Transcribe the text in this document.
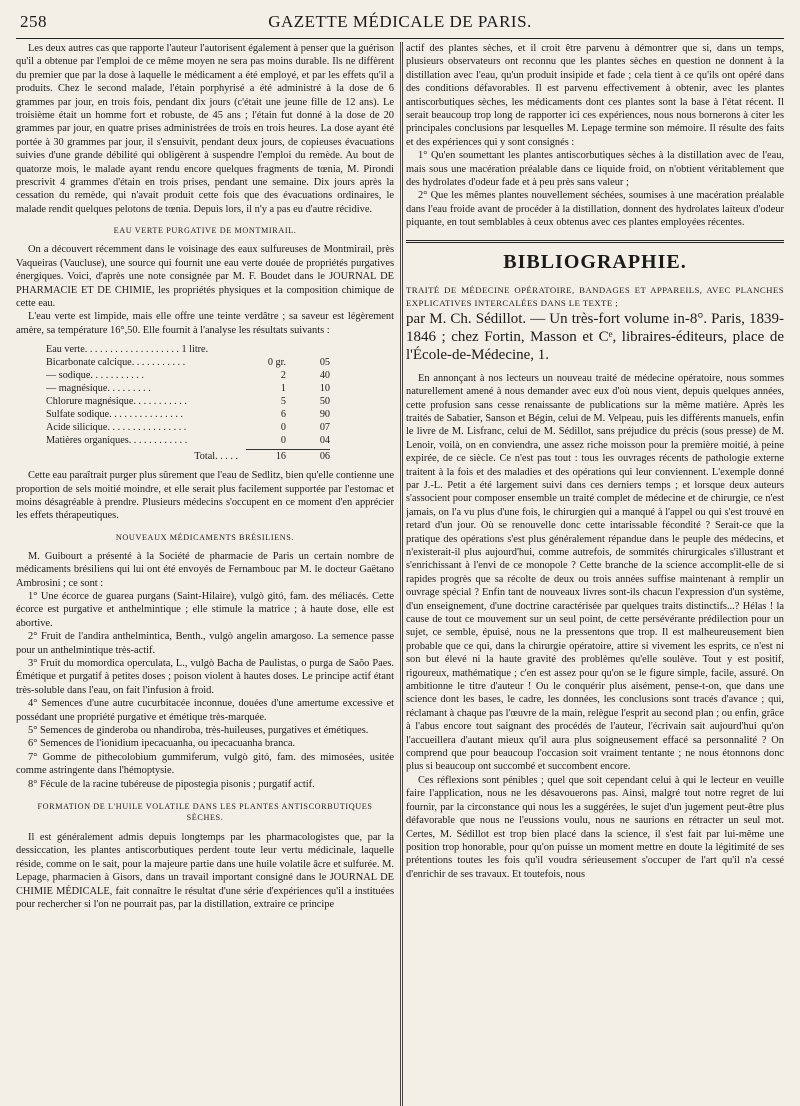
258	GAZETTE MÉDICALE DE PARIS.

Les deux autres cas que rapporte l'auteur l'autorisent également à penser que la guérison qu'il a obtenue par l'emploi de ce même moyen ne sera pas moins durable. Ils ne diffèrent du premier que par la dose à laquelle le médicament a été employé, et par les effets qu'il a produits. Chez le second malade, l'étain porphyrisé a été administré à la dose de 6 grammes par jour, en trois fois, pendant dix jours (c'était une jeune fille de 12 ans). Le troisième était un homme fort et robuste, de 45 ans ; l'étain fut donné à la dose de 20 grammes par jour, en quatre prises administrées de trois en trois heures. La dose ayant été portée à 30 grammes par jour, il s'ensuivit, pendant deux jours, de copieuses évacuations suivies d'une grande débilité qui obligèrent à suspendre l'emploi du remède. Au bout de quatorze mois, le malade ayant rendu encore quelques fragments de tœnia, M. Pirondi prescrivit 4 grammes d'étain en trois prises, pendant une semaine. Dix jours après la cessation du remède, qui n'avait produit cette fois que des évacuations ordinaires, le malade rendit quelques pelotons de tœnia. Depuis lors, il n'y a pas eu d'autre récidive.

EAU VERTE PURGATIVE DE MONTMIRAIL.

On a découvert récemment dans le voisinage des eaux sulfureuses de Montmirail, près Vaqueiras (Vaucluse), une source qui fournit une eau verte douée de propriétés purgatives énergiques. Voici, d'après une note consignée par M. F. Boudet dans le JOURNAL DE PHARMACIE ET DE CHIMIE, les propriétés physiques et la composition chimique de cette eau.

L'eau verte est limpide, mais elle offre une teinte verdâtre ; sa saveur est légèrement amère, sa température 16°,50. Elle fournit à l'analyse les résultats suivants :

Eau verte. . . . . . . . . . . . . . . . . . . 1 litre.
Bicarbonate calcique. . . . . . . . . . .	0 gr.	05
— sodique. . . . . . . . . . .	2	40
— magnésique. . . . . . . . .	1	10
Chlorure magnésique. . . . . . . . . . .	5	50
Sulfate sodique. . . . . . . . . . . . . . .	6	90
Acide silicique. . . . . . . . . . . . . . . .	0	07
Matières organiques. . . . . . . . . . . .	0	04
Total. . . . .	16	06

Cette eau paraîtrait purger plus sûrement que l'eau de Sedlitz, bien qu'elle contienne une proportion de sels moitié moindre, et elle serait plus facilement supportée par l'estomac et moins désagréable à prendre. Plusieurs médecins s'occupent en ce moment d'en apprécier les effets thérapeutiques.

NOUVEAUX MÉDICAMENTS BRÉSILIENS.

M. Guibourt a présenté à la Société de pharmacie de Paris un certain nombre de médicaments brésiliens qui lui ont été envoyés de Fernambouc par M. le docteur Gaëtano Ambrosini ; ce sont :

1° Une écorce de guarea purgans (Saint-Hilaire), vulgò gitó, fam. des méliacés. Cette écorce est purgative et anthelmintique ; elle stimule la matrice ; à haute dose, elle est abortive.

2° Fruit de l'andira anthelmintica, Benth., vulgò angelin amargoso. La semence passe pour un anthelmintique très-actif.

3° Fruit du momordica operculata, L., vulgò Bacha de Paulistas, o purga de Saõo Paes. Émétique et purgatif à petites doses ; poison violent à hautes doses. Le principe actif étant très-soluble dans l'eau, on fait l'infusion à froid.

4° Semences d'une autre cucurbitacée inconnue, douées d'une amertume excessive et possédant une propriété purgative et émétique très-marquée.

5° Semences de ginderoba ou nhandiroba, très-huileuses, purgatives et émétiques.

6° Semences de l'ionidium ipecacuanha, ou ipecacuanha branca.

7° Gomme de pithecolobium gummiferum, vulgò gitó, fam. des mimosées, usitée comme astringente dans l'hémoptysie.

8° Fécule de la racine tubéreuse de pipostegia pisonis ; purgatif actif.

FORMATION DE L'HUILE VOLATILE DANS LES PLANTES ANTISCORBUTIQUES
SÈCHES.

Il est généralement admis depuis longtemps par les pharmacologistes que, par la dessiccation, les plantes antiscorbutiques perdent toute leur vertu médicinale, laquelle réside, comme on le sait, pour la majeure partie dans une huile volatile âcre et sulfurée. M. Lepage, pharmacien à Gisors, dans un travail important consigné dans le JOURNAL DE CHIMIE MÉDICALE, fait connaître le résultat d'une série d'expériences qu'il a instituées pour rechercher si l'on ne pourrait pas, par la distillation, extraire ce principe

actif des plantes sèches, et il croit être parvenu à démontrer que si, dans un temps, plusieurs observateurs ont reconnu que les plantes sèches en question ne donnent à la distillation avec l'eau, qu'un produit insipide et fade ; cela tient à ce qu'ils ont opéré dans des conditions défavorables. Il est parvenu effectivement à obtenir, avec les plantes antiscorbutiques sèches, les médicaments dont ces plantes sont la base à l'état récent. Il serait beaucoup trop long de rapporter ici ces expériences, nous nous bornerons à citer les principales conclusions par lesquelles M. Lepage termine son mémoire. Il résulte des faits et des expériences qui y sont consignés :

1° Qu'en soumettant les plantes antiscorbutiques sèches à la distillation avec de l'eau, mais sous une macération préalable dans ce liquide froid, on n'obtient véritablement que des hydrolates d'odeur fade et à peu près sans valeur ;

2° Que les mêmes plantes nouvellement séchées, soumises à une macération préalable dans l'eau froide avant de procéder à la distillation, donnent des hydrolates laiteux d'odeur piquante, en tout semblables à ceux obtenus avec ces plantes employées récentes.

BIBLIOGRAPHIE.
TRAITÉ DE MÉDECINE OPÉRATOIRE, BANDAGES ET APPAREILS, AVEC PLANCHES EXPLICATIVES INTERCALÉES DANS LE TEXTE ;
par M. Ch. Sédillot. — Un très-fort volume in-8°. Paris, 1839-1846 ; chez Fortin, Masson et Cᵉ, libraires-éditeurs, place de l'École-de-Médecine, 1.

En annonçant à nos lecteurs un nouveau traité de médecine opératoire, nous sommes naturellement amené à nous demander avec eux d'où nous vient, depuis quelques années, cette profusion sans cesse renaissante de publications sur la même matière. Après les traités de Sabatier, Sanson et Bégin, celui de M. Velpeau, puis les différents manuels, enfin le livre de M. Lisfranc, celui de M. Sédillot, sans préjudice du précis (sous presse) de M. Lenoir, voilà, on en conviendra, une assez riche moisson pour la première moitié, à peine expirée, de ce siècle. Ce n'est pas tout : tous les ouvrages récents de pathologie externe traitent à la fois et des maladies et des opérations qui leur conviennent. L'exemple donné par J.-L. Petit a été largement suivi dans ces derniers temps ; et lorsque deux auteurs s'associent pour composer ensemble un traité complet de médecine et de chirurgie, ce n'est jamais, on l'a vu plus d'une fois, le chirurgien qui a manqué à l'appel ou qui s'est trouvé en retard d'un jour. Où se renouvelle donc cette intarissable fécondité ? Serait-ce que la pratique des opérations s'est plus généralement répandue dans le peuple des médecins, et n'existerait-il plus aujourd'hui, comme autrefois, de sommités chirurgicales s'illustrant et s'enrichissant à l'envi de ce monopole ? Cette branche de la science accomplit-elle de si rapides progrès que sa récolte de deux ou trois années suffise maintenant à remplir un ouvrage spécial ? Enfin tant de nouveaux livres sont-ils chacun l'expression d'un système, d'un enseignement, d'une doctrine caractérisée par quelques traits distinctifs...? Hélas ! la cause de tout ce mouvement sur un seul point, de cette persévérante prédilection pour un sujet, ce semble, épuisé, nous ne la pressentons que trop. Il est malheureusement bien probable que ce qui, dans la chirurgie opératoire, attire si vivement les esprits, ce n'est ni son but élevé ni la haute gravité des problèmes qu'elle soulève. Tout y est positif, rigoureux, mathématique ; c'en est assez pour qu'on se le figure simple, facile, assuré. On ambitionne le titre d'auteur ! Ou le conquérir plus aisément, pense-t-on, que dans une science dont les bases, le cadre, les données, les conclusions sont tracés d'avance ; qui, réclamant à chaque pas l'œuvre de la main, relègue l'esprit au second plan ; ou enfin, grâce à l'abus encore tout saignant des procédés de l'auteur, l'écrivain sait aujourd'hui qu'on l'accueillera d'autant mieux qu'il aura plus soigneusement effacé sa personnalité ? On comprend que pour beaucoup l'occasion soit vraiment tentante ; ne nous étonnons donc plus si beaucoup ont succombé et succombent encore.

Ces réflexions sont pénibles ; quel que soit cependant celui à qui le lecteur en veuille faire l'application, nous ne les désavouerons pas. Ainsi, malgré tout notre regret de lui fournir, par la circonstance qui nous les a suggérées, le sujet d'un jugement peut-être plus défavorable que nous ne l'eussions voulu, nous ne saurions en rétracter un seul mot. Certes, M. Sédillot est trop bien placé dans la science, il s'est fait par lui-même une position trop honorable, pour qu'on puisse un moment mettre en doute la légitimité de ses prétentions toutes les fois qu'il voudra sérieusement s'occuper de l'art qu'il n'a cessé d'enrichir de ses travaux. Et toutefois, nous
